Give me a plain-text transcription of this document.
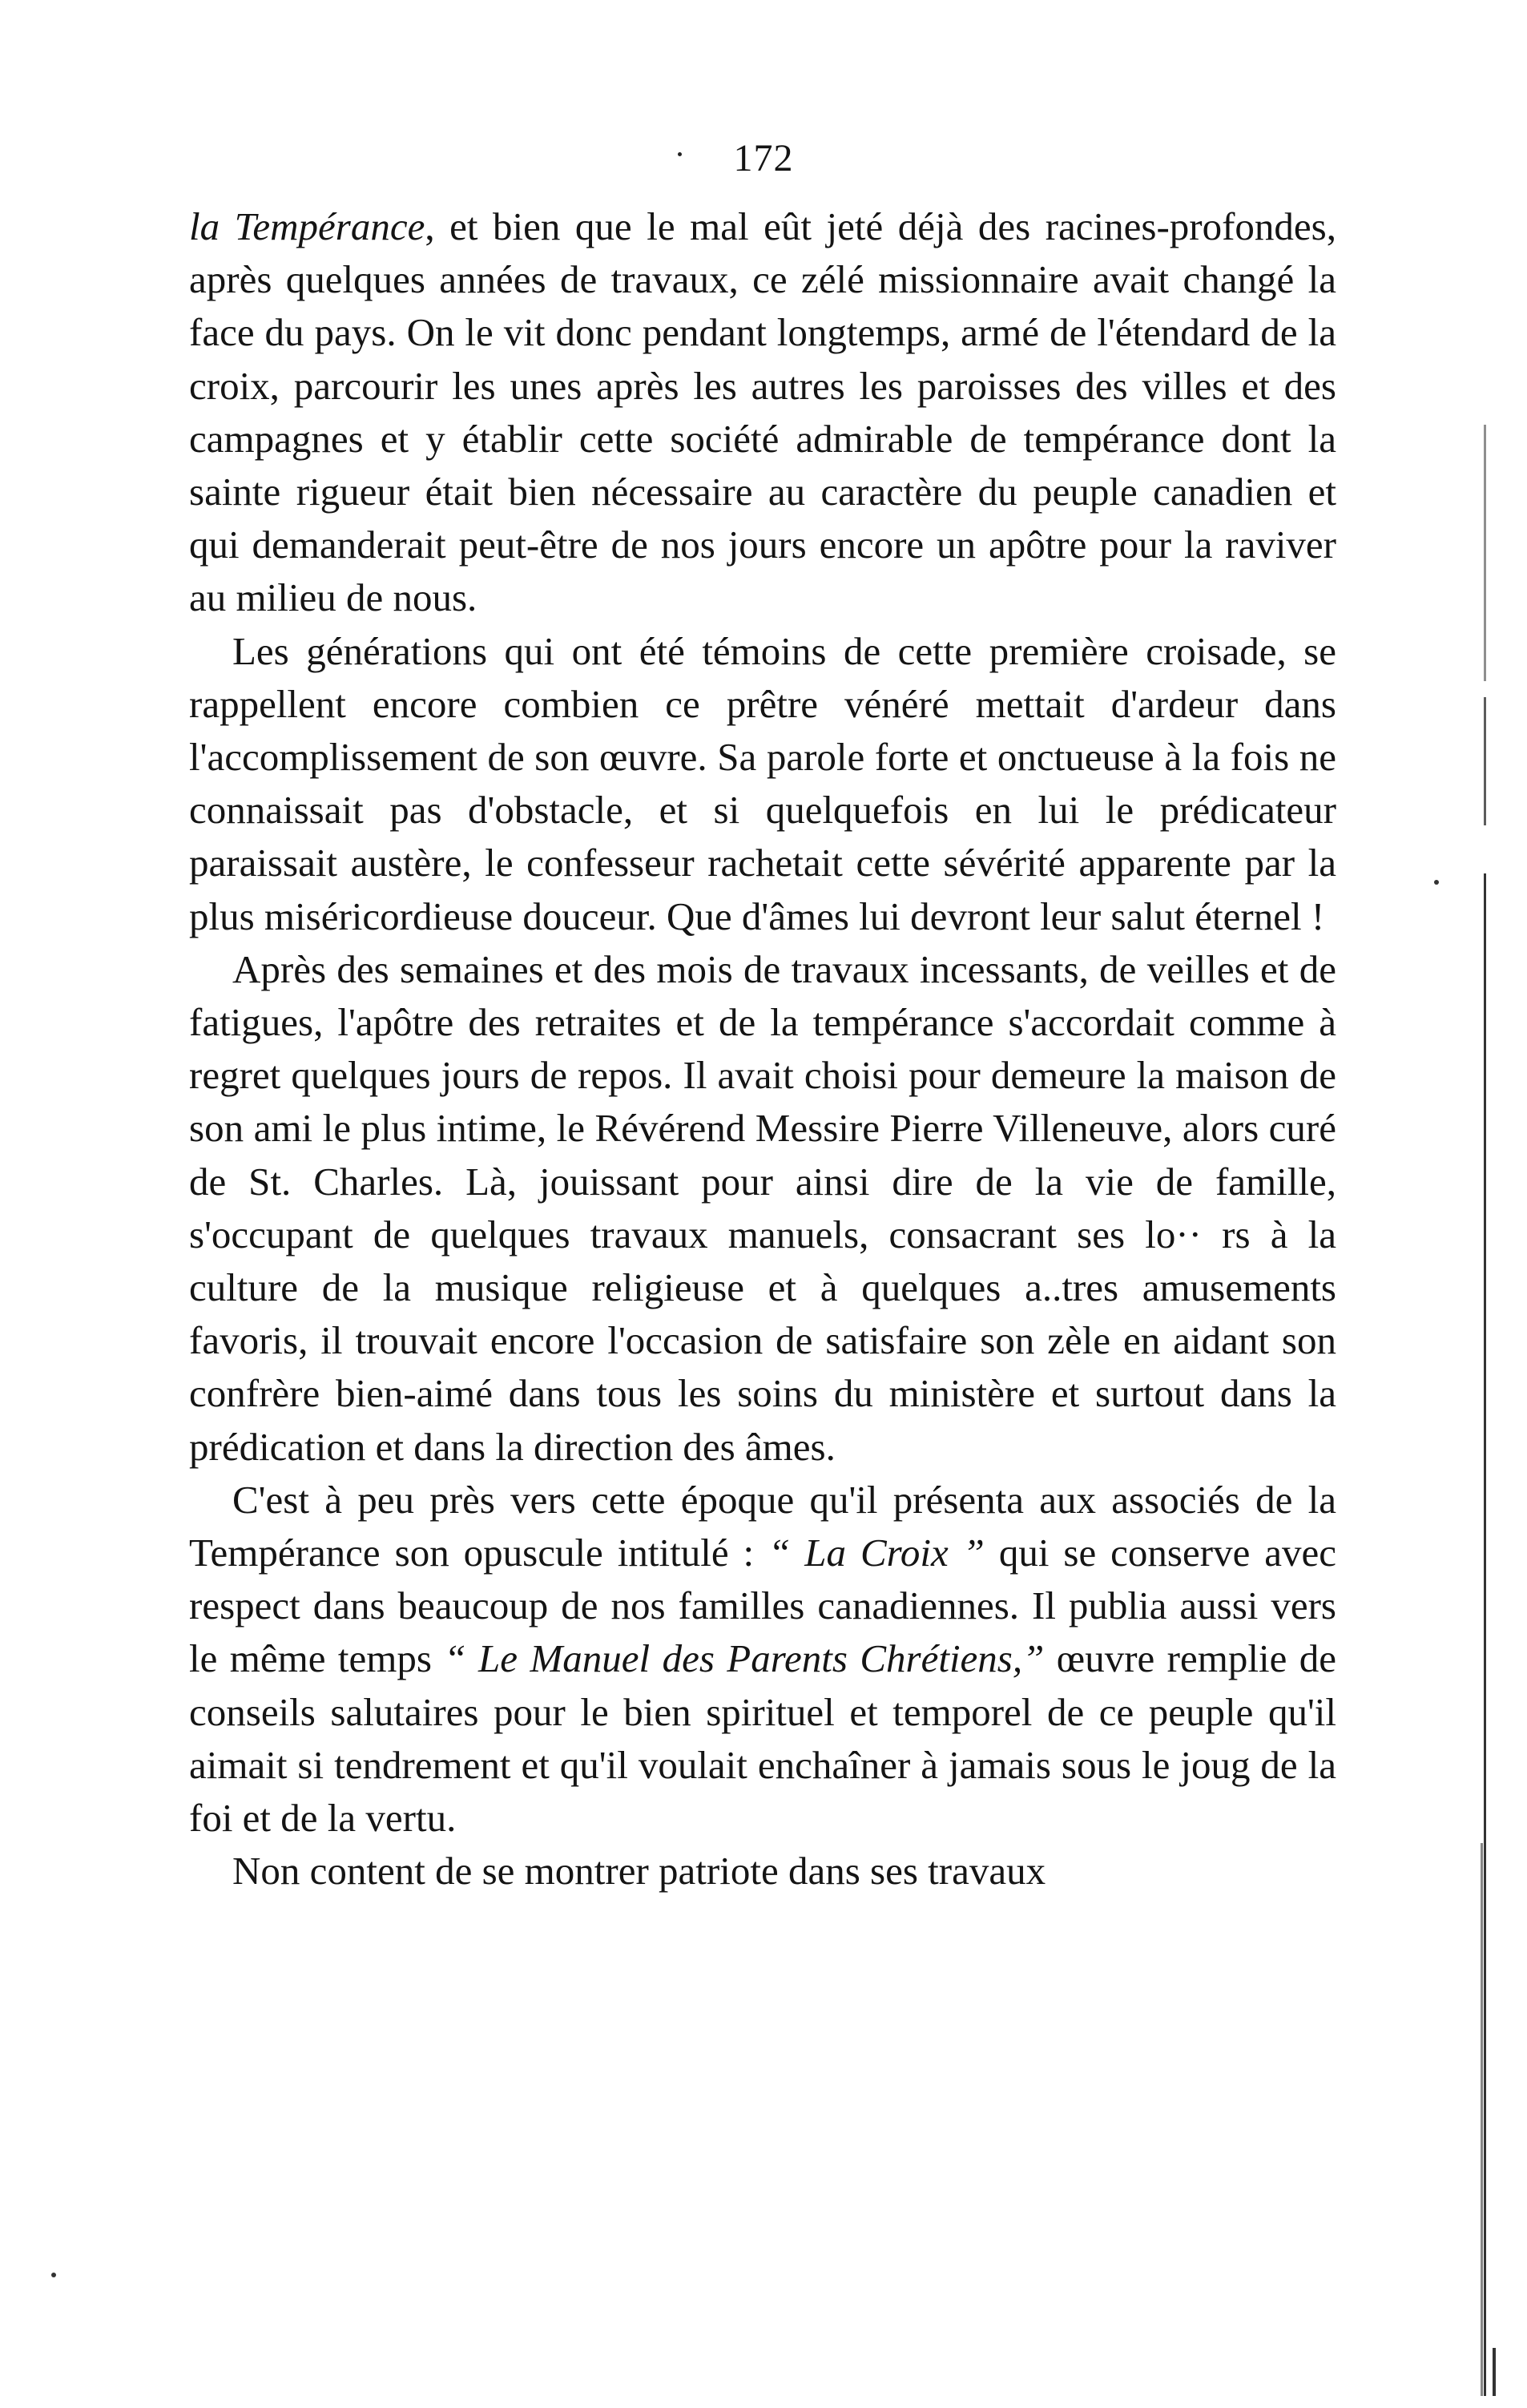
172

la Tempérance, et bien que le mal eût jeté déjà des racines-profondes, après quelques années de travaux, ce zélé missionnaire avait changé la face du pays. On le vit donc pendant longtemps, armé de l'étendard de la croix, parcourir les unes après les autres les paroisses des villes et des campagnes et y établir cette société admirable de tempérance dont la sainte rigueur était bien nécessaire au caractère du peuple canadien et qui demanderait peut-être de nos jours encore un apôtre pour la raviver au milieu de nous.

Les générations qui ont été témoins de cette première croisade, se rappellent encore combien ce prêtre vénéré mettait d'ardeur dans l'accomplissement de son œuvre. Sa parole forte et onctueuse à la fois ne connaissait pas d'obstacle, et si quelquefois en lui le prédicateur paraissait austère, le confesseur rachetait cette sévérité apparente par la plus miséricordieuse douceur. Que d'âmes lui devront leur salut éternel !

Après des semaines et des mois de travaux incessants, de veilles et de fatigues, l'apôtre des retraites et de la tempérance s'accordait comme à regret quelques jours de repos. Il avait choisi pour demeure la maison de son ami le plus intime, le Révérend Messire Pierre Villeneuve, alors curé de St. Charles. Là, jouissant pour ainsi dire de la vie de famille, s'occupant de quelques travaux manuels, consacrant ses lo·· rs à la culture de la musique religieuse et à quelques a..tres amusements favoris, il trouvait encore l'occasion de satisfaire son zèle en aidant son confrère bien-aimé dans tous les soins du ministère et surtout dans la prédication et dans la direction des âmes.

C'est à peu près vers cette époque qu'il présenta aux associés de la Tempérance son opuscule intitulé : “ La Croix ” qui se conserve avec respect dans beaucoup de nos familles canadiennes. Il publia aussi vers le même temps “ Le Manuel des Parents Chrétiens,” œuvre remplie de conseils salutaires pour le bien spirituel et temporel de ce peuple qu'il aimait si tendrement et qu'il voulait enchaîner à jamais sous le joug de la foi et de la vertu.

Non content de se montrer patriote dans ses travaux
